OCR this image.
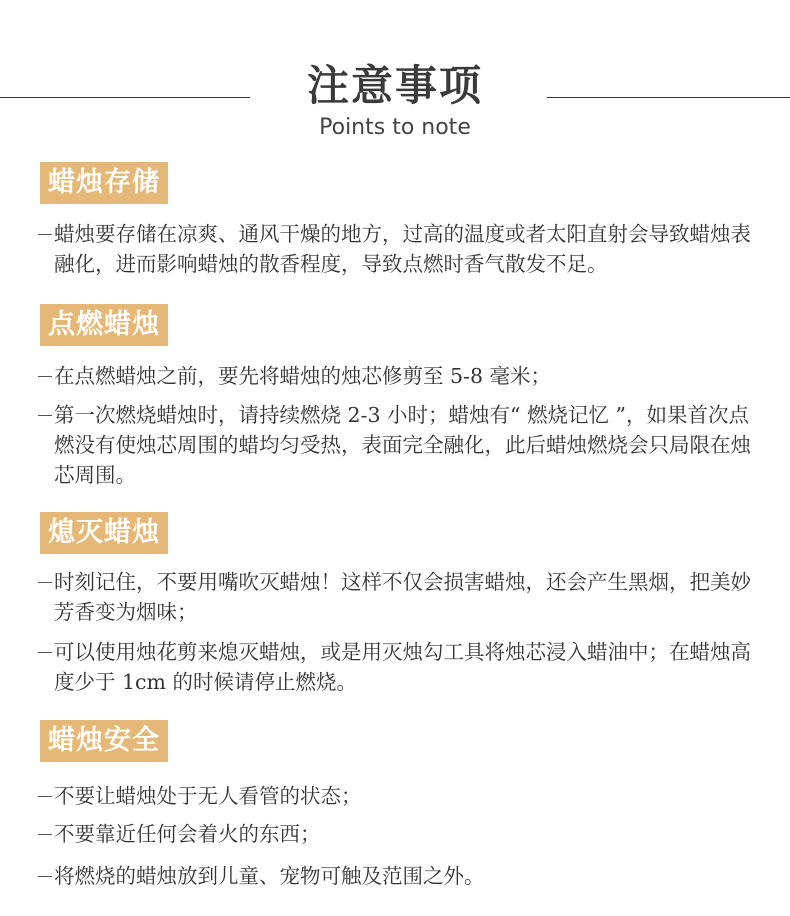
注意事项
Points to note
蜡烛存储
蜡烛要存储在凉爽、通风干燥的地方，过高的温度或者太阳直射会导致蜡烛表融化，进而影响蜡烛的散香程度，导致点燃时香气散发不足。
点燃蜡烛
在点燃蜡烛之前，要先将蜡烛的烛芯修剪至 5-8 毫米；
第一次燃烧蜡烛时，请持续燃烧 2-3 小时；蜡烛有“ 燃烧记忆 ”，如果首次点燃没有使烛芯周围的蜡均匀受热，表面完全融化，此后蜡烛燃烧会只局限在烛芯周围。
熄灭蜡烛
时刻记住，不要用嘴吹灭蜡烛！这样不仅会损害蜡烛，还会产生黑烟，把美妙芳香变为烟味；
可以使用烛花剪来熄灭蜡烛，或是用灭烛勾工具将烛芯浸入蜡油中；在蜡烛高度少于 1cm 的时候请停止燃烧。
蜡烛安全
不要让蜡烛处于无人看管的状态；
不要靠近任何会着火的东西；
将燃烧的蜡烛放到儿童、宠物可触及范围之外。
